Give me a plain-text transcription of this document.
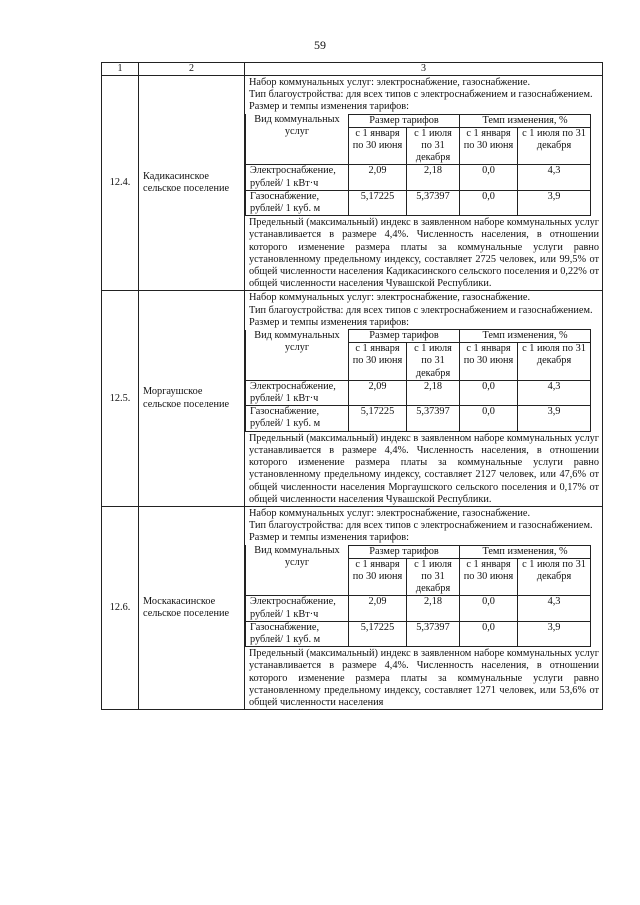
59
1	2	3
12.4.	Кадикасинское сельское поселение	
Набор коммунальных услуг: электроснабжение, газоснабжение.
Тип благоустройства: для всех типов с электроснабжением и газоснабжением.
Размер и темпы изменения тарифов:
Вид коммунальных услуг	Размер тарифов	Темп изменения, %
с 1 января по 30 июня	с 1 июля по 31 декабря	с 1 января по 30 июня	с 1 июля по 31 декабря
Электроснабжение, рублей/ 1 кВт·ч	2,09	2,18	0,0	4,3
Газоснабжение, рублей/ 1 куб. м	5,17225	5,37397	0,0	3,9
Предельный (максимальный) индекс в заявленном наборе коммунальных услуг устанавливается в размере 4,4%. Численность населения, в отношении которого изменение размера платы за коммунальные услуги равно установленному предельному индексу, составляет 2725 человек, или 99,5% от общей численности населения Кадикасинского сельского поселения и 0,22% от общей численности населения Чувашской Республики.

12.5.	Моргаушское сельское поселение	
Набор коммунальных услуг: электроснабжение, газоснабжение.
Тип благоустройства: для всех типов с электроснабжением и газоснабжением.
Размер и темпы изменения тарифов:
Вид коммунальных услуг	Размер тарифов	Темп изменения, %
с 1 января по 30 июня	с 1 июля по 31 декабря	с 1 января по 30 июня	с 1 июля по 31 декабря
Электроснабжение, рублей/ 1 кВт·ч	2,09	2,18	0,0	4,3
Газоснабжение, рублей/ 1 куб. м	5,17225	5,37397	0,0	3,9
Предельный (максимальный) индекс в заявленном наборе коммунальных услуг устанавливается в размере 4,4%. Численность населения, в отношении которого изменение размера платы за коммунальные услуги равно установленному предельному индексу, составляет 2127 человек, или 47,6% от общей численности населения Моргаушского сельского поселения и 0,17% от общей численности населения Чувашской Республики.

12.6.	Москакасинское сельское поселение	
Набор коммунальных услуг: электроснабжение, газоснабжение.
Тип благоустройства: для всех типов с электроснабжением и газоснабжением.
Размер и темпы изменения тарифов:
Вид коммунальных услуг	Размер тарифов	Темп изменения, %
с 1 января по 30 июня	с 1 июля по 31 декабря	с 1 января по 30 июня	с 1 июля по 31 декабря
Электроснабжение, рублей/ 1 кВт·ч	2,09	2,18	0,0	4,3
Газоснабжение, рублей/ 1 куб. м	5,17225	5,37397	0,0	3,9
Предельный (максимальный) индекс в заявленном наборе коммунальных услуг устанавливается в размере 4,4%. Численность населения, в отношении которого изменение размера платы за коммунальные услуги равно установленному предельному индексу, составляет 1271 человек, или 53,6% от общей численности населения
